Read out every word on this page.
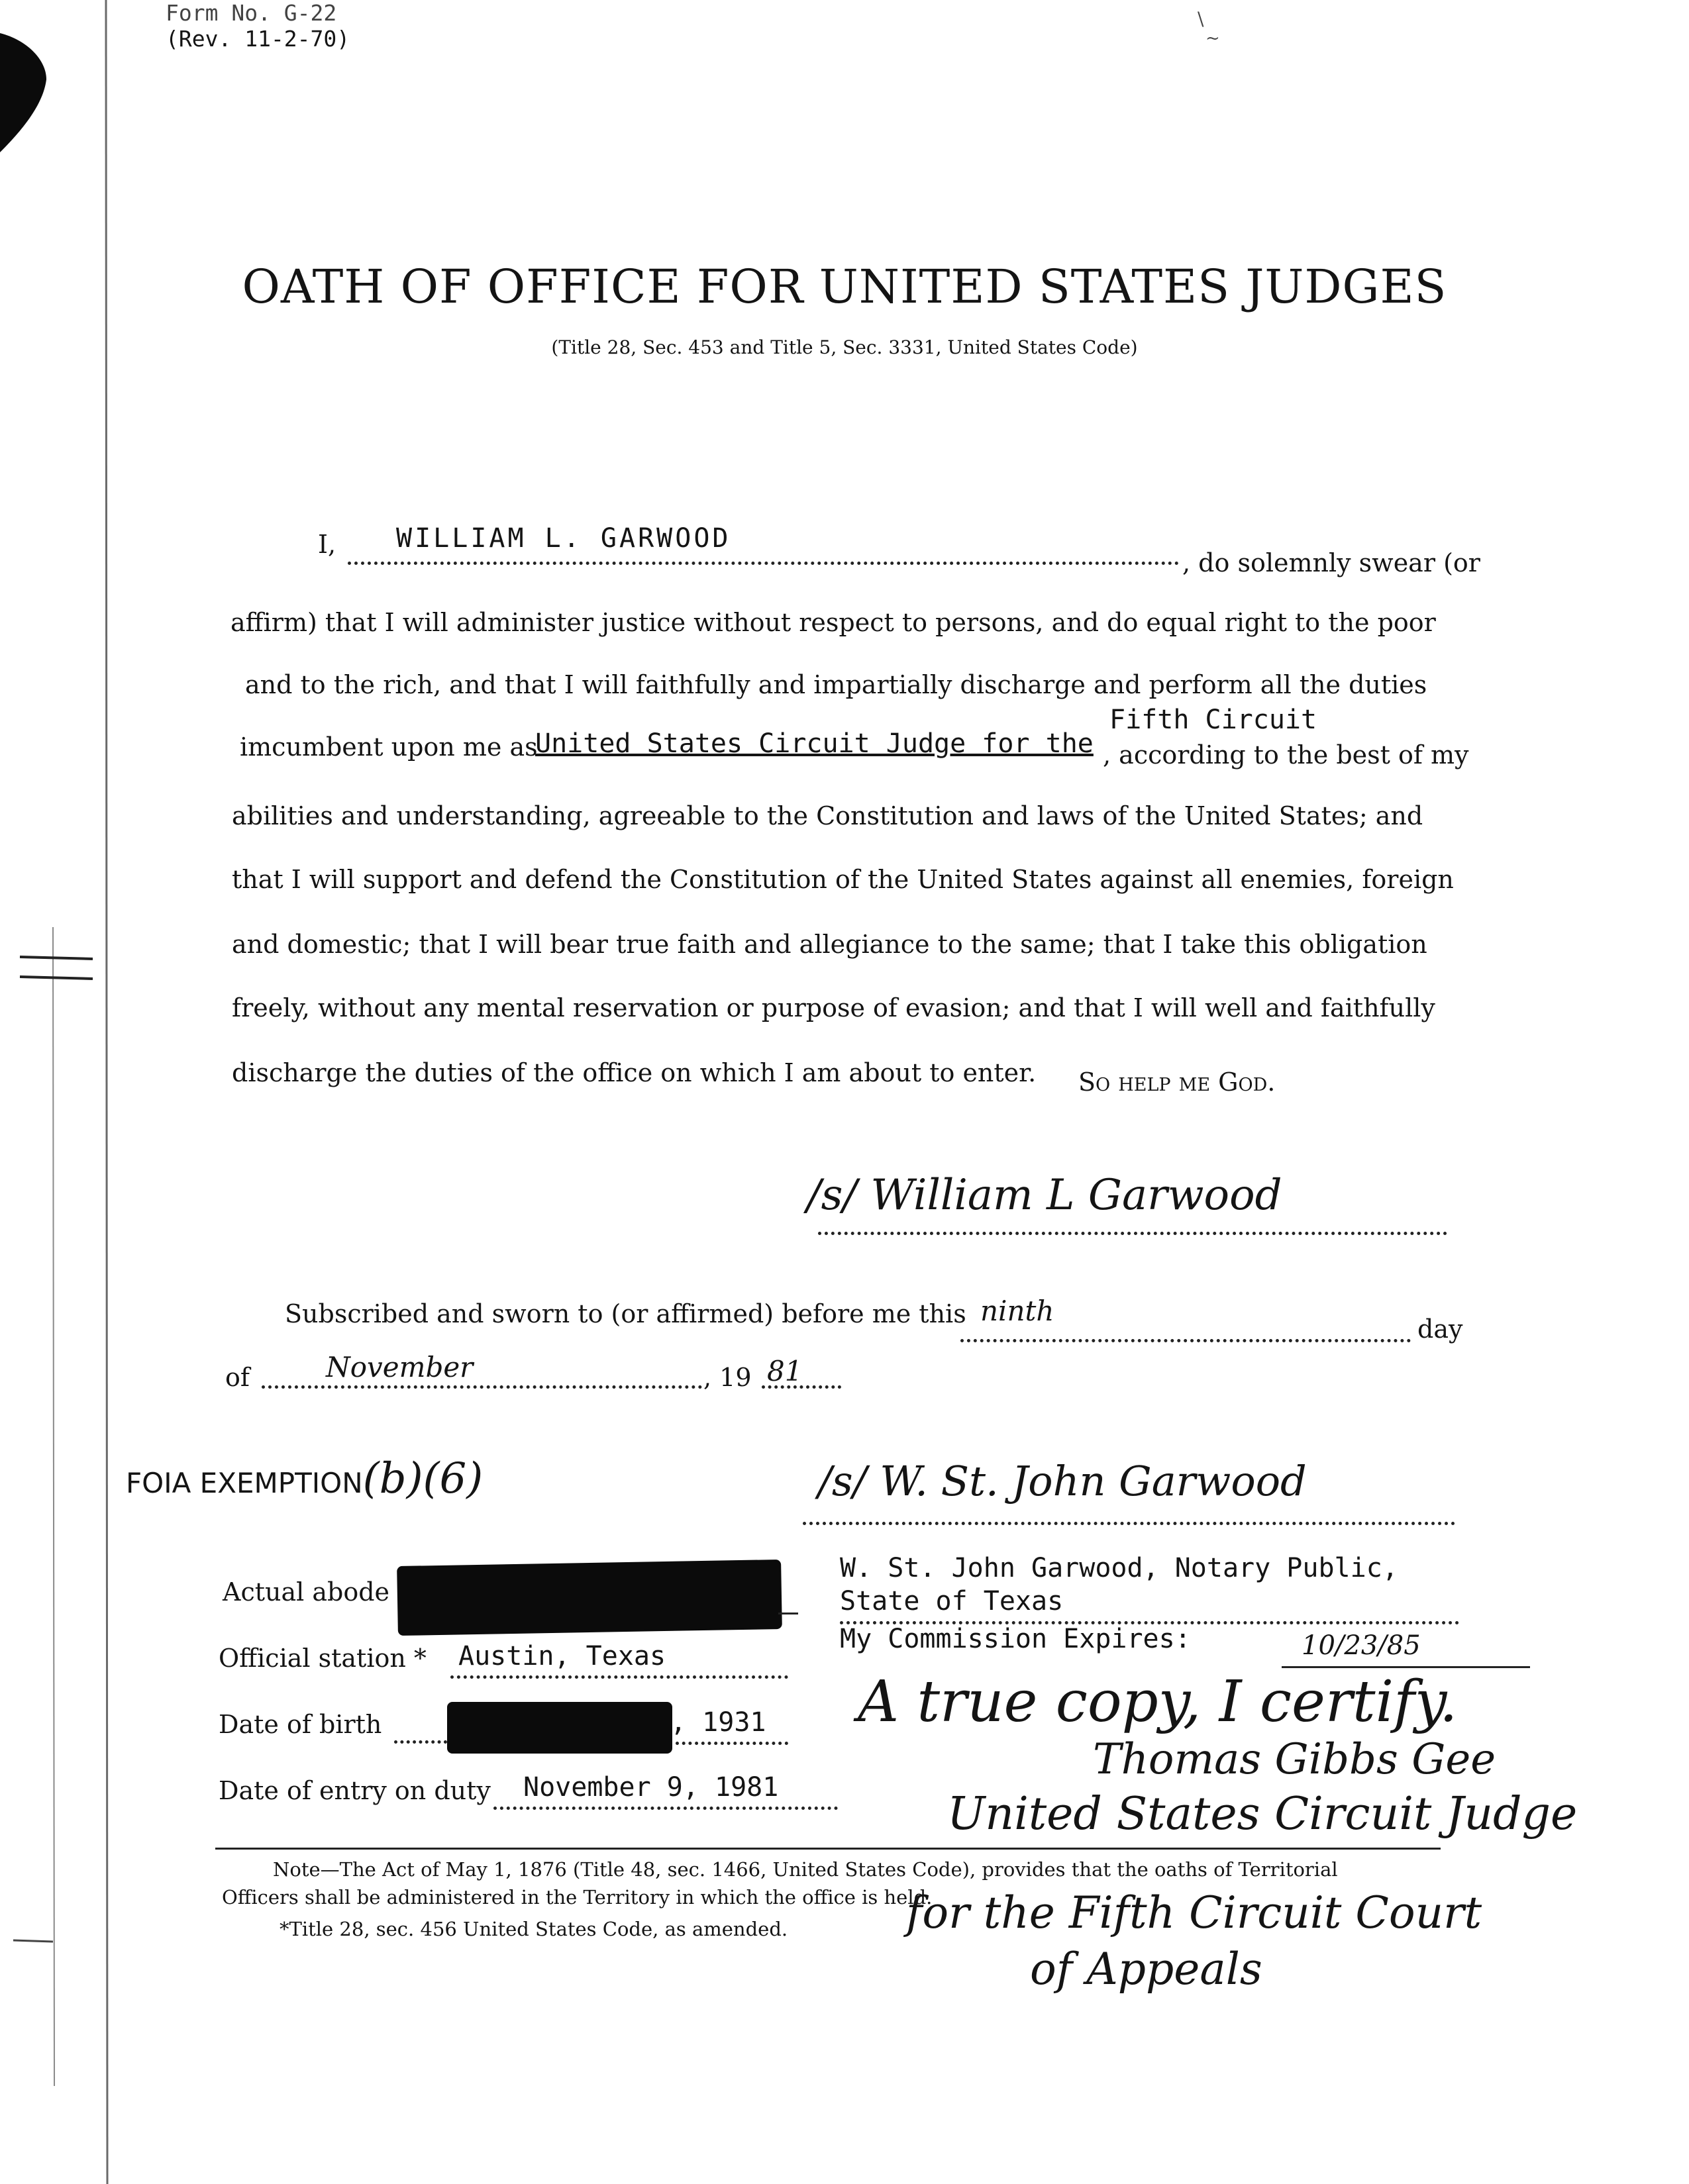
\
~
Form No. G-22
(Rev. 11-2-70)
OATH OF OFFICE FOR UNITED STATES JUDGES
(Title 28, Sec. 453 and Title 5, Sec. 3331, United States Code)
I, WILLIAM L. GARWOOD
, do solemnly swear (or
affirm) that I will administer justice without respect to persons, and do equal right to the poor
and to the rich, and that I will faithfully and impartially discharge and perform all the duties
Fifth Circuit
imcumbent upon me as
United States Circuit Judge for the , according to the best of my
abilities and understanding, agreeable to the Constitution and laws of the United States; and
that I will support and defend the Constitution of the United States against all enemies, foreign
and domestic; that I will bear true faith and allegiance to the same; that I take this obligation
freely, without any mental reservation or purpose of evasion; and that I will well and faithfully
discharge the duties of the office on which I am about to enter. So help me God.
/s/ William L Garwood
Subscribed and sworn to (or affirmed) before me this ninth
day
of	November	, 19 81
FOIA EXEMPTION(b)(6)	/s/ W. St. John Garwood
W. St. John Garwood, Notary Public,
State of Texas
My Commission Expires:	10/23/85
Actual abode
Official station * Austin, Texas
Date of birth	, 1931
Date of entry on duty November 9, 1981
A true copy, I certify.
Thomas Gibbs Gee
United States Circuit Judge
for the Fifth Circuit Court
of Appeals
Note—The Act of May 1, 1876 (Title 48, sec. 1466, United States Code), provides that the oaths of Territorial
Officers shall be administered in the Territory in which the office is held.
*Title 28, sec. 456 United States Code, as amended.
